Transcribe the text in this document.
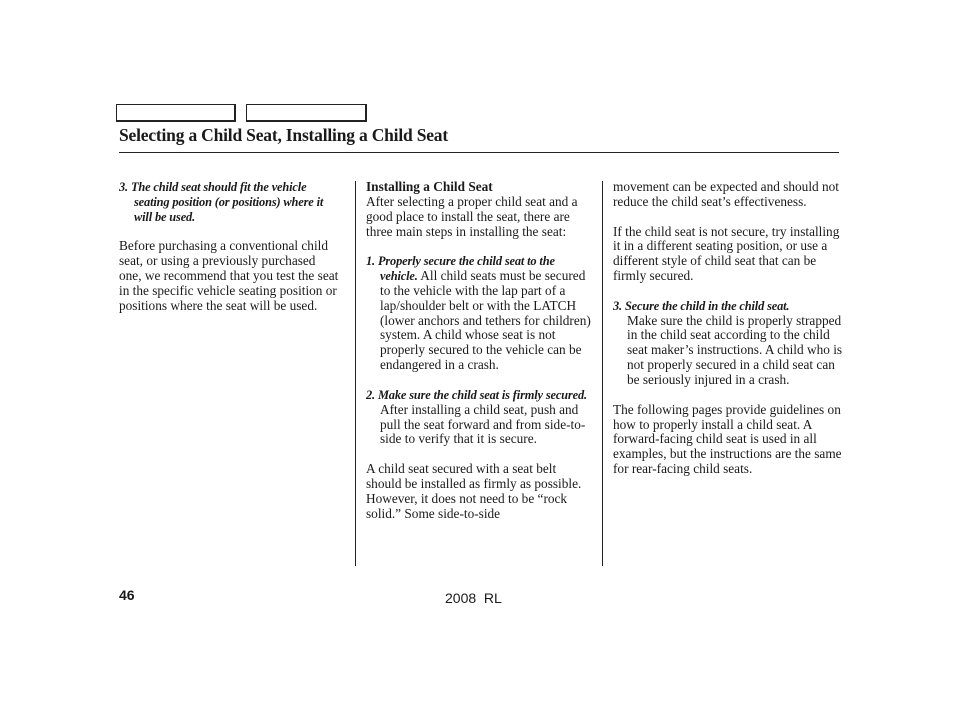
Selecting a Child Seat, Installing a Child Seat

3. The child seat should fit the vehicle seating position (or positions) where it will be used.

Before purchasing a conventional child seat, or using a previously purchased one, we recommend that you test the seat in the specific vehicle seating position or positions where the seat will be used.

Installing a Child Seat
After selecting a proper child seat and a good place to install the seat, there are three main steps in installing the seat:

1. Properly secure the child seat to the vehicle. All child seats must be secured to the vehicle with the lap part of a lap/shoulder belt or with the LATCH (lower anchors and tethers for children) system. A child whose seat is not properly secured to the vehicle can be endangered in a crash.

2. Make sure the child seat is firmly secured. After installing a child seat, push and pull the seat forward and from side-to-side to verify that it is secure.

A child seat secured with a seat belt should be installed as firmly as possible. However, it does not need to be “rock solid.” Some side-to-side

movement can be expected and should not reduce the child seat’s effectiveness.

If the child seat is not secure, try installing it in a different seating position, or use a different style of child seat that can be firmly secured.

3. Secure the child in the child seat.
Make sure the child is properly strapped in the child seat according to the child seat maker’s instructions. A child who is not properly secured in a child seat can be seriously injured in a crash.

The following pages provide guidelines on how to properly install a child seat. A forward-facing child seat is used in all examples, but the instructions are the same for rear-facing child seats.

46	2008  RL
